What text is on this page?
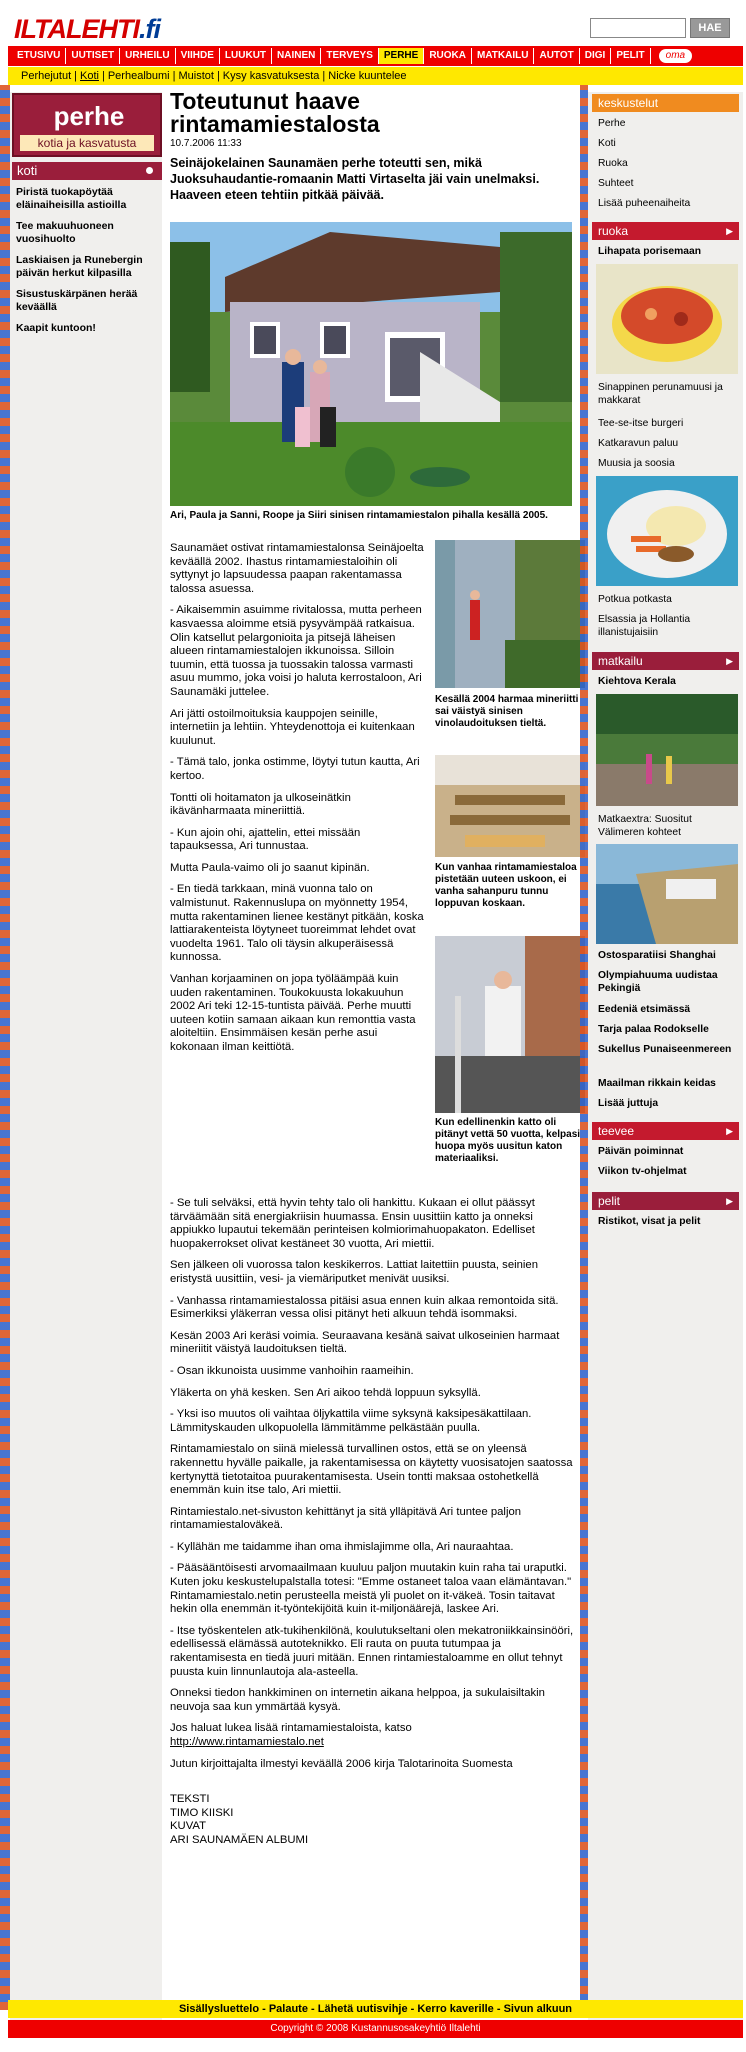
ILTALEHTI.fi	HAE
ETUSIVU	UUTISET	URHEILU	VIIHDE	LUUKUT	NAINEN	TERVEYS	PERHE	RUOKA	MATKAILU	AUTOT	DIGI	PELIT	oma
Perhejutut | Koti | Perhealbumi | Muistot | Kysy kasvatuksesta | Nicke kuuntelee
perhe
kotia ja kasvatusta
koti
Piristä tuokapöytää eläinaiheisilla astioilla
Tee makuuhuoneen vuosihuolto
Laskiaisen ja Runebergin päivän herkut kilpasilla
Sisustuskärpänen herää keväällä
Kaapit kuntoon!
Toteutunut haave rintamamiestalosta
10.7.2006 11:33
Seinäjokelainen Saunamäen perhe toteutti sen, mikä Juoksuhaudantie-romaanin Matti Virtaselta jäi vain unelmaksi. Haaveen eteen tehtiin pitkää päivää.
Ari, Paula ja Sanni, Roope ja Siiri sinisen rintamamiestalon pihalla kesällä 2005.

Saunamäet ostivat rintamamiestalonsa Seinäjoelta keväällä 2002. Ihastus rintamamiestaloihin oli syttynyt jo lapsuudessa paapan rakentamassa talossa asuessa.

- Aikaisemmin asuimme rivitalossa, mutta perheen kasvaessa aloimme etsiä pysyvämpää ratkaisua. Olin katsellut pelargonioita ja pitsejä läheisen alueen rintamamiestalojen ikkunoissa. Silloin tuumin, että tuossa ja tuossakin talossa varmasti asuu mummo, joka voisi jo haluta kerrostaloon, Ari Saunamäki juttelee.

Ari jätti ostoilmoituksia kauppojen seinille, internetiin ja lehtiin. Yhteydenottoja ei kuitenkaan kuulunut.

- Tämä talo, jonka ostimme, löytyi tutun kautta, Ari kertoo.

Tontti oli hoitamaton ja ulkoseinätkin ikävänharmaata mineriittiä.

- Kun ajoin ohi, ajattelin, ettei missään tapauksessa, Ari tunnustaa.

Mutta Paula-vaimo oli jo saanut kipinän.

- En tiedä tarkkaan, minä vuonna talo on valmistunut. Rakennuslupa on myönnetty 1954, mutta rakentaminen lienee kestänyt pitkään, koska lattiarakenteista löytyneet tuoreimmat lehdet ovat vuodelta 1961. Talo oli täysin alkuperäisessä kunnossa.

Vanhan korjaaminen on jopa työläämpää kuin uuden rakentaminen. Toukokuusta lokakuuhun 2002 Ari teki 12-15-tuntista päivää. Perhe muutti uuteen kotiin samaan aikaan kun remonttia vasta aloiteltiin. Ensimmäisen kesän perhe asui kokonaan ilman keittiötä.

Kesällä 2004 harmaa mineriitti sai väistyä sinisen vinolaudoituksen tieltä.
Kun vanhaa rintamamiestaloa pistetään uuteen uskoon, ei vanha sahanpuru tunnu loppuvan koskaan.
Kun edellinenkin katto oli pitänyt vettä 50 vuotta, kelpasi huopa myös uusitun katon materiaaliksi.

- Se tuli selväksi, että hyvin tehty talo oli hankittu. Kukaan ei ollut päässyt tärväämään sitä energiakriisin huumassa. Ensin uusittiin katto ja onneksi appiukko lupautui tekemään perinteisen kolmiorimahuopakaton. Edelliset huopakerrokset olivat kestäneet 30 vuotta, Ari miettii.

Sen jälkeen oli vuorossa talon keskikerros. Lattiat laitettiin puusta, seinien eristystä uusittiin, vesi- ja viemäriputket menivät uusiksi.

- Vanhassa rintamamiestalossa pitäisi asua ennen kuin alkaa remontoida sitä. Esimerkiksi yläkerran vessa olisi pitänyt heti alkuun tehdä isommaksi.

Kesän 2003 Ari keräsi voimia. Seuraavana kesänä saivat ulkoseinien harmaat mineriitit väistyä laudoituksen tieltä.

- Osan ikkunoista uusimme vanhoihin raameihin.

Yläkerta on yhä kesken. Sen Ari aikoo tehdä loppuun syksyllä.

- Yksi iso muutos oli vaihtaa öljykattila viime syksynä kaksipesäkattilaan. Lämmityskauden ulkopuolella lämmitämme pelkästään puulla.

Rintamamiestalo on siinä mielessä turvallinen ostos, että se on yleensä rakennettu hyvälle paikalle, ja rakentamisessa on käytetty vuosisatojen saatossa kertynyttä tietotaitoa puurakentamisesta. Usein tontti maksaa ostohetkellä enemmän kuin itse talo, Ari miettii.

Rintamiestalo.net-sivuston kehittänyt ja sitä ylläpitävä Ari tuntee paljon rintamamiestaloväkeä.

- Kyllähän me taidamme ihan oma ihmislajimme olla, Ari nauraahtaa.

- Pääsääntöisesti arvomaailmaan kuuluu paljon muutakin kuin raha tai uraputki. Kuten joku keskustelupalstalla totesi: "Emme ostaneet taloa vaan elämäntavan." Rintamamiestalo.netin perusteella meistä yli puolet on it-väkeä. Tosin taitavat hekin olla enemmän it-työntekijöitä kuin it-miljonäärejä, laskee Ari.

- Itse työskentelen atk-tukihenkilönä, koulutukseltani olen mekatroniikkainsinööri, edellisessä elämässä autoteknikko. Eli rauta on puuta tutumpaa ja rakentamisesta en tiedä juuri mitään. Ennen rintamiestaloamme en ollut tehnyt puusta kuin linnunlautoja ala-asteella.

Onneksi tiedon hankkiminen on internetin aikana helppoa, ja sukulaisiltakin neuvoja saa kun ymmärtää kysyä.

Jos haluat lukea lisää rintamamiestaloista, katso

http://www.rintamamiestalo.net

Jutun kirjoittajalta ilmestyi keväällä 2006 kirja Talotarinoita Suomesta

TEKSTI
TIMO KIISKI
KUVAT
ARI SAUNAMÄEN ALBUMI
keskustelut
Perhe
Koti
Ruoka
Suhteet
Lisää puheenaiheita
ruoka	▶
Lihapata porisemaan
Sinappinen perunamuusi ja makkarat
Tee-se-itse burgeri
Katkaravun paluu
Muusia ja soosia
Potkua potkasta
Elsassia ja Hollantia illanistujaisiin
matkailu	▶
Kiehtova Kerala
Matkaextra: Suositut Välimeren kohteet
Ostosparatiisi Shanghai
Olympiahuuma uudistaa Pekingiä
Eedeniä etsimässä
Tarja palaa Rodokselle
Sukellus Punaiseenmereen
Maailman rikkain keidas
Lisää juttuja
teevee	▶
Päivän poiminnat
Viikon tv-ohjelmat
pelit	▶
Ristikot, visat ja pelit
Sisällysluettelo - Palaute - Lähetä uutisvihje - Kerro kaverille - Sivun alkuun
Copyright © 2008 Kustannusosakeyhtiö Iltalehti
